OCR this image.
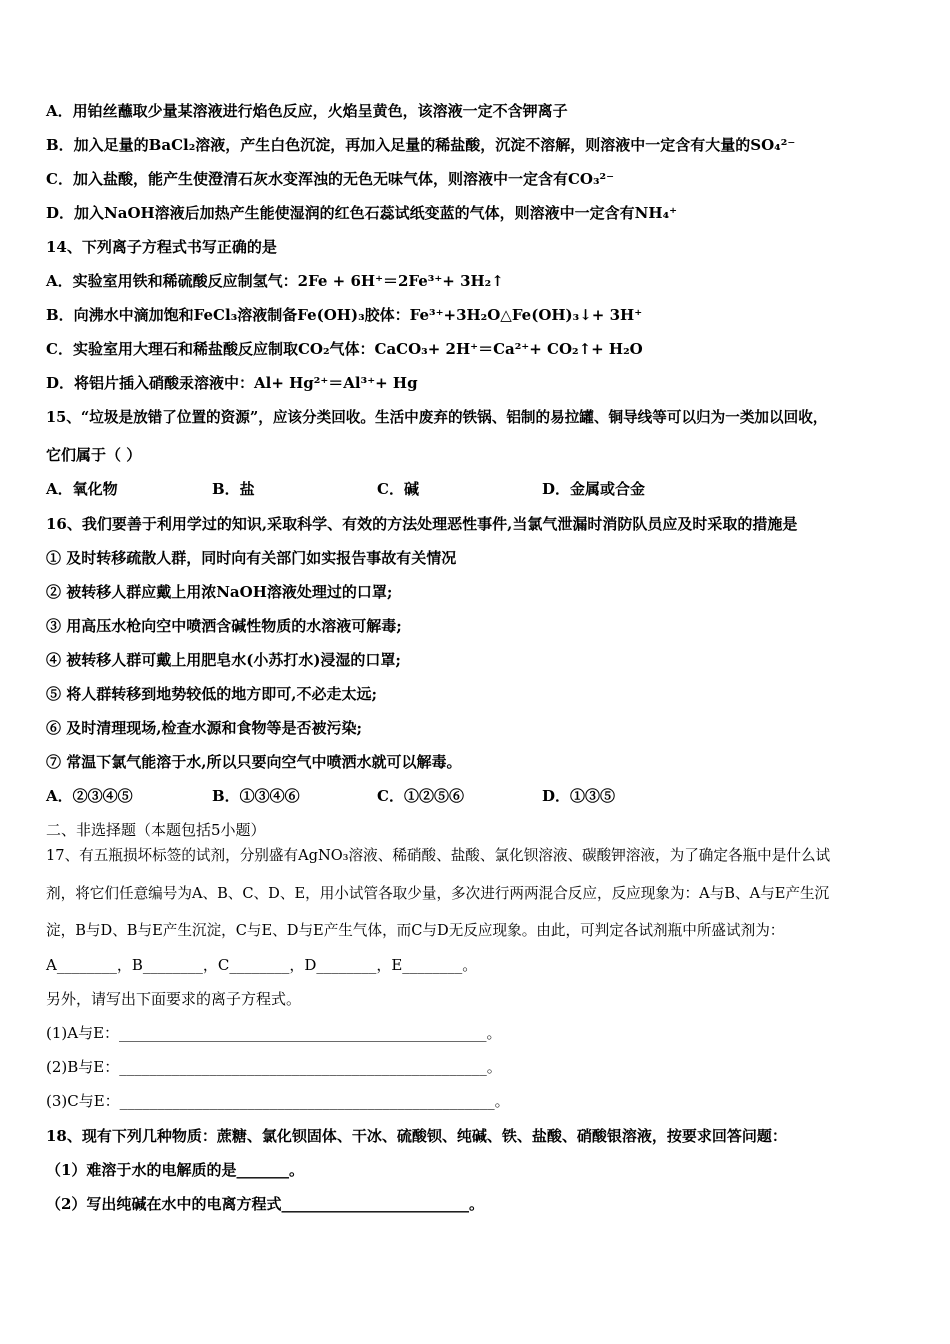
A．用铂丝蘸取少量某溶液进行焰色反应，火焰呈黄色，该溶液一定不含钾离子
B．加入足量的BaCl₂溶液，产生白色沉淀，再加入足量的稀盐酸，沉淀不溶解，则溶液中一定含有大量的SO₄²⁻
C．加入盐酸，能产生使澄清石灰水变浑浊的无色无味气体，则溶液中一定含有CO₃²⁻
D．加入NaOH溶液后加热产生能使湿润的红色石蕊试纸变蓝的气体，则溶液中一定含有NH₄⁺
14、下列离子方程式书写正确的是
A．实验室用铁和稀硫酸反应制氢气：2Fe + 6H⁺＝2Fe³⁺+ 3H₂↑
B．向沸水中滴加饱和FeCl₃溶液制备Fe(OH)₃胶体：Fe³⁺+3H₂O△Fe(OH)₃↓+ 3H⁺
C．实验室用大理石和稀盐酸反应制取CO₂气体：CaCO₃+ 2H⁺＝Ca²⁺+ CO₂↑+ H₂O
D．将铝片插入硝酸汞溶液中：Al+ Hg²⁺＝Al³⁺+ Hg
15、“垃圾是放错了位置的资源”，应该分类回收。生活中废弃的铁锅、铝制的易拉罐、铜导线等可以归为一类加以回收，
它们属于（ ）
A．氧化物	B．盐	C．碱	D．金属或合金
16、我们要善于利用学过的知识,采取科学、有效的方法处理恶性事件,当氯气泄漏时消防队员应及时采取的措施是
① 及时转移疏散人群，同时向有关部门如实报告事故有关情况
② 被转移人群应戴上用浓NaOH溶液处理过的口罩;
③ 用高压水枪向空中喷洒含碱性物质的水溶液可解毒;
④ 被转移人群可戴上用肥皂水(小苏打水)浸湿的口罩;
⑤ 将人群转移到地势较低的地方即可,不必走太远;
⑥ 及时清理现场,检查水源和食物等是否被污染;
⑦ 常温下氯气能溶于水,所以只要向空气中喷洒水就可以解毒。
A．②③④⑤	B．①③④⑥	C．①②⑤⑥	D．①③⑤
二、非选择题（本题包括5小题）
17、有五瓶损坏标签的试剂，分别盛有AgNO₃溶液、稀硝酸、盐酸、氯化钡溶液、碳酸钾溶液，为了确定各瓶中是什么试
剂，将它们任意编号为A、B、C、D、E，用小试管各取少量，多次进行两两混合反应，反应现象为：A与B、A与E产生沉
淀，B与D、B与E产生沉淀，C与E、D与E产生气体，而C与D无反应现象。由此，可判定各试剂瓶中所盛试剂为：
A________，B________，C________，D________，E________。
另外，请写出下面要求的离子方程式。
(1)A与E：_________________________________________________。
(2)B与E：_________________________________________________。
(3)C与E：__________________________________________________。
18、现有下列几种物质：蔗糖、氯化钡固体、干冰、硫酸钡、纯碱、铁、盐酸、硝酸银溶液，按要求回答问题：
（1）难溶于水的电解质的是_______。
（2）写出纯碱在水中的电离方程式_________________________。
